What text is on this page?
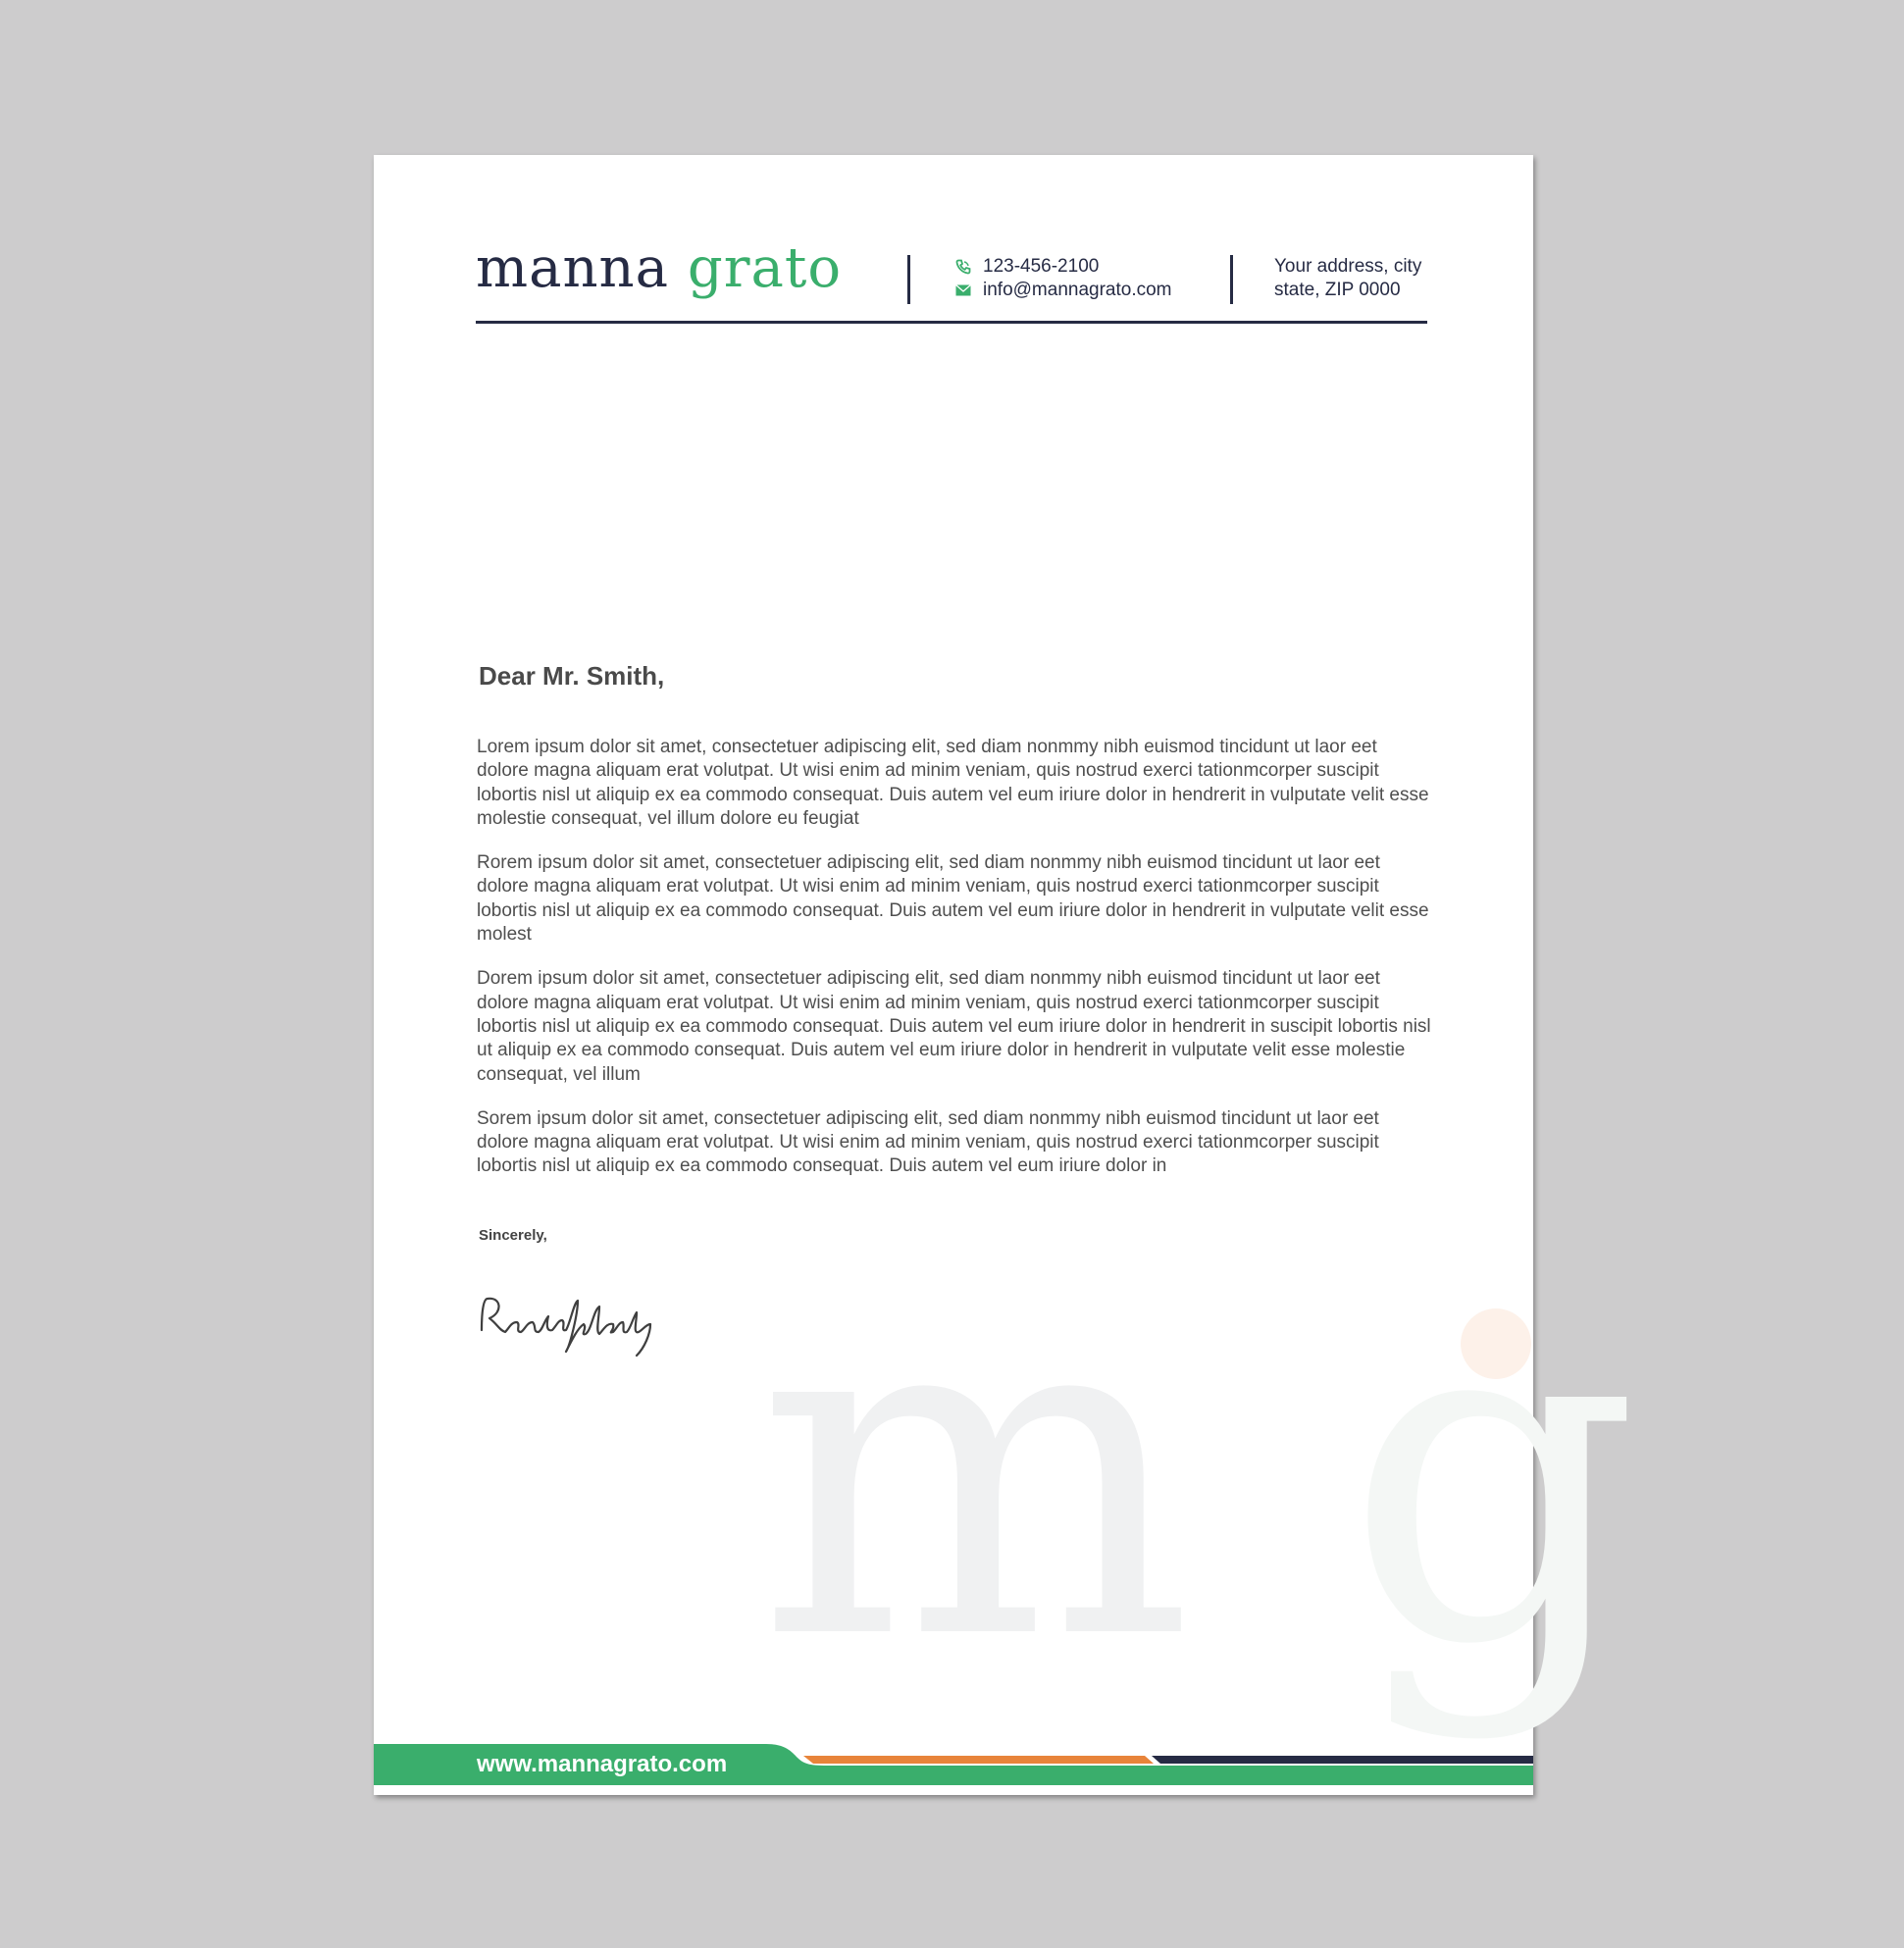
g
m
manna grato	123-456-2100
info@mannagrato.com
Your address, city
state, ZIP 0000
Dear Mr. Smith,

Lorem ipsum dolor sit amet, consectetuer adipiscing elit, sed diam nonmmy nibh euismod tincidunt ut laor eet dolore magna aliquam erat volutpat. Ut wisi enim ad minim veniam, quis nostrud exerci tationmcorper suscipit lobortis nisl ut aliquip ex ea commodo consequat. Duis autem vel eum iriure dolor in hendrerit in vulputate velit esse molestie consequat, vel illum dolore eu feugiat

Rorem ipsum dolor sit amet, consectetuer adipiscing elit, sed diam nonmmy nibh euismod tincidunt ut laor eet dolore magna aliquam erat volutpat. Ut wisi enim ad minim veniam, quis nostrud exerci tationmcorper suscipit lobortis nisl ut aliquip ex ea commodo consequat. Duis autem vel eum iriure dolor in hendrerit in vulputate velit esse molest

Dorem ipsum dolor sit amet, consectetuer adipiscing elit, sed diam nonmmy nibh euismod tincidunt ut laor eet dolore magna aliquam erat volutpat. Ut wisi enim ad minim veniam, quis nostrud exerci tationmcorper suscipit lobortis nisl ut aliquip ex ea commodo consequat. Duis autem vel eum iriure dolor in hendrerit in suscipit lobortis nisl ut aliquip ex ea commodo consequat. Duis autem vel eum iriure dolor in hendrerit in vulputate velit esse molestie consequat, vel illum

Sorem ipsum dolor sit amet, consectetuer adipiscing elit, sed diam nonmmy nibh euismod tincidunt ut laor eet dolore magna aliquam erat volutpat. Ut wisi enim ad minim veniam, quis nostrud exerci tationmcorper suscipit lobortis nisl ut aliquip ex ea commodo consequat. Duis autem vel eum iriure dolor in

Sincerely,
www.mannagrato.com
